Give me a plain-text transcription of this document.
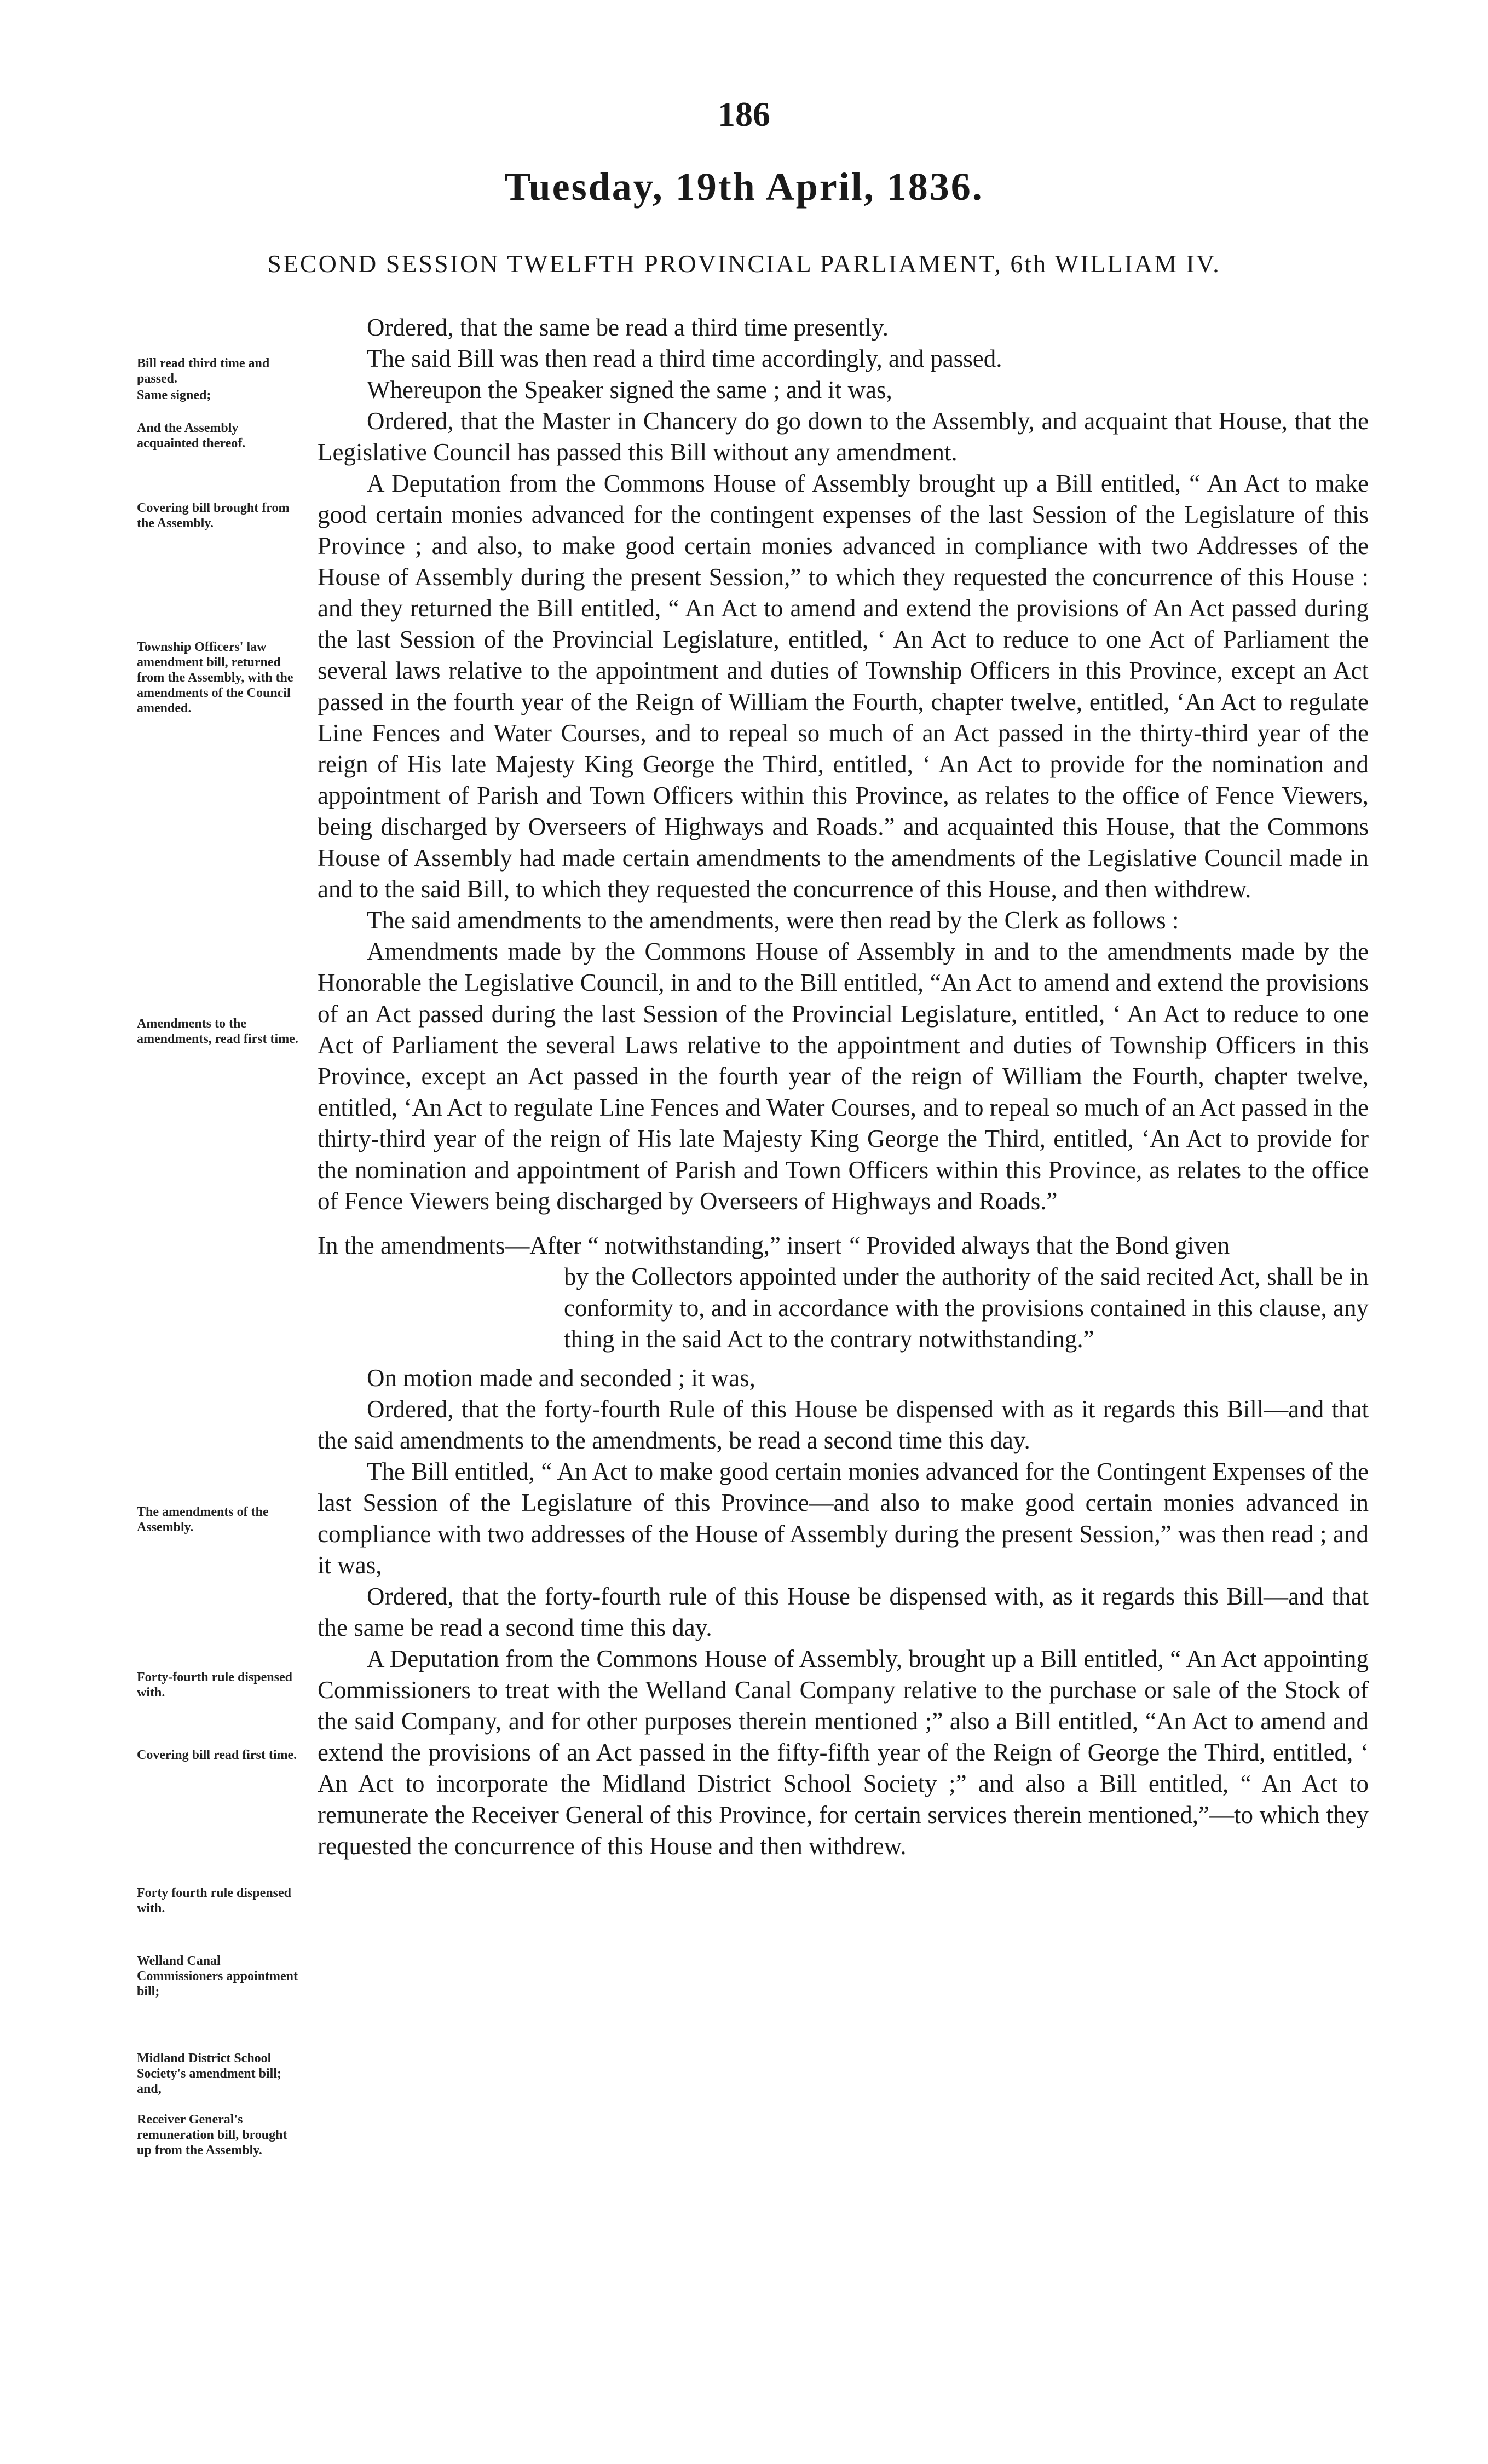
186
Tuesday, 19th April, 1836.
SECOND SESSION TWELFTH PROVINCIAL PARLIAMENT, 6th WILLIAM IV.
Bill read third time and passed.
Same signed;
And the Assembly acquainted thereof.
Covering bill brought from the Assembly.
Township Officers' law amendment bill, returned from the Assembly, with the amendments of the Council amended.
Amendments to the amendments, read first time.
The amendments of the Assembly.
Forty-fourth rule dispensed with.
Covering bill read first time.
Forty fourth rule dispensed with.
Welland Canal Commissioners appointment bill;
Midland District School Society's amendment bill; and,
Receiver General's remuneration bill, brought up from the Assembly.

Ordered, that the same be read a third time presently.

The said Bill was then read a third time accordingly, and passed.

Whereupon the Speaker signed the same ; and it was,

Ordered, that the Master in Chancery do go down to the Assembly, and acquaint that House, that the Legislative Council has passed this Bill without any amendment.

A Deputation from the Commons House of Assembly brought up a Bill entitled, “ An Act to make good certain monies advanced for the contingent expenses of the last Session of the Legislature of this Province ; and also, to make good certain monies advanced in compliance with two Addresses of the House of Assembly during the present Session,” to which they requested the concurrence of this House : and they returned the Bill entitled, “ An Act to amend and extend the provisions of An Act passed during the last Session of the Provincial Legislature, entitled, ‘ An Act to reduce to one Act of Parliament the several laws relative to the appointment and duties of Township Officers in this Province, except an Act passed in the fourth year of the Reign of William the Fourth, chapter twelve, entitled, ‘An Act to regulate Line Fences and Water Courses, and to repeal so much of an Act passed in the thirty-third year of the reign of His late Majesty King George the Third, entitled, ‘ An Act to provide for the nomination and appointment of Parish and Town Officers within this Province, as relates to the office of Fence Viewers, being discharged by Overseers of Highways and Roads.” and acquainted this House, that the Commons House of Assembly had made certain amendments to the amendments of the Legislative Council made in and to the said Bill, to which they requested the concurrence of this House, and then withdrew.

The said amendments to the amendments, were then read by the Clerk as follows :

Amendments made by the Commons House of Assembly in and to the amendments made by the Honorable the Legislative Council, in and to the Bill entitled, “An Act to amend and extend the provisions of an Act passed during the last Session of the Provincial Legislature, entitled, ‘ An Act to reduce to one Act of Parliament the several Laws relative to the appointment and duties of Township Officers in this Province, except an Act passed in the fourth year of the reign of William the Fourth, chapter twelve, entitled, ‘An Act to regulate Line Fences and Water Courses, and to repeal so much of an Act passed in the thirty-third year of the reign of His late Majesty King George the Third, entitled, ‘An Act to provide for the nomination and appointment of Parish and Town Officers within this Province, as relates to the office of Fence Viewers being discharged by Overseers of Highways and Roads.”

In the amendments—After “ notwithstanding,” insert “ Provided always that the Bond given
by the Collectors appointed under the authority of the said recited Act, shall be in conformity to, and in accordance with the provisions contained in this clause, any thing in the said Act to the contrary notwithstanding.”

On motion made and seconded ; it was,

Ordered, that the forty-fourth Rule of this House be dispensed with as it regards this Bill—and that the said amendments to the amendments, be read a second time this day.

The Bill entitled, “ An Act to make good certain monies advanced for the Contingent Expenses of the last Session of the Legislature of this Province—and also to make good certain monies advanced in compliance with two addresses of the House of Assembly during the present Session,” was then read ; and it was,

Ordered, that the forty-fourth rule of this House be dispensed with, as it regards this Bill—and that the same be read a second time this day.

A Deputation from the Commons House of Assembly, brought up a Bill entitled, “ An Act appointing Commissioners to treat with the Welland Canal Company relative to the purchase or sale of the Stock of the said Company, and for other purposes therein mentioned ;” also a Bill entitled, “An Act to amend and extend the provisions of an Act passed in the fifty-fifth year of the Reign of George the Third, entitled, ‘ An Act to incorporate the Midland District School Society ;” and also a Bill entitled, “ An Act to remunerate the Receiver General of this Province, for certain services therein mentioned,”—to which they requested the concurrence of this House and then withdrew.
